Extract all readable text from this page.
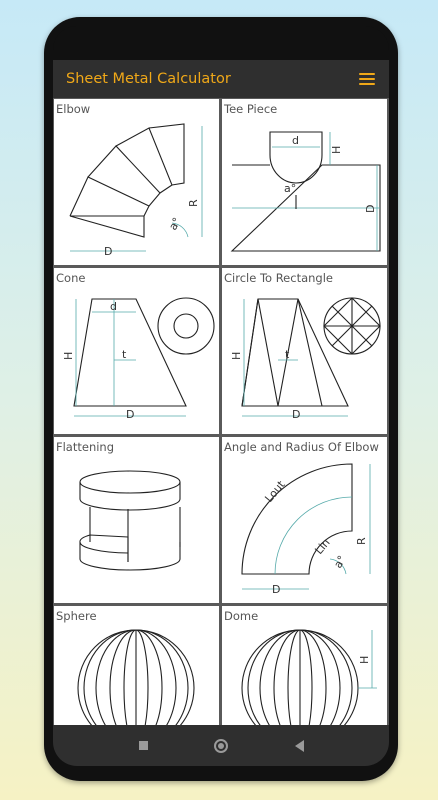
Sheet Metal Calculator
D
R
a°
Elbow
d
H
D
a°
Tee Piece
d
H	t
D
Cone
H	t
D
Circle To Rectangle
Flattening
Lout
Lin
D
R
a°
Angle and Radius Of Elbow
Sphere
H
Dome
